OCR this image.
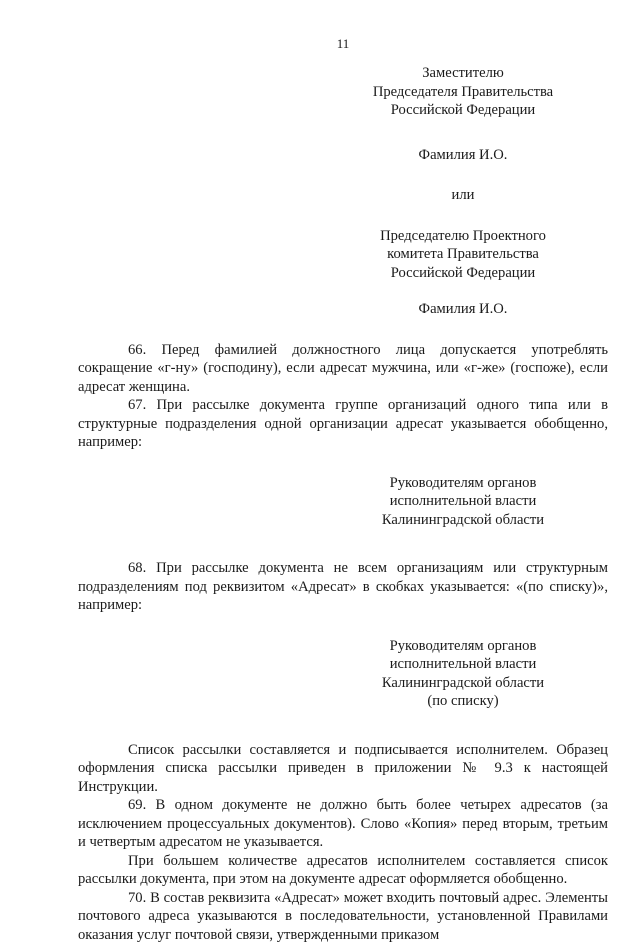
11
Заместителю
Председателя Правительства
Российской Федерации
Фамилия И.О.
или
Председателю Проектного
комитета Правительства
Российской Федерации
Фамилия И.О.
66. Перед фамилией должностного лица допускается употреблять сокращение «г-ну» (господину), если адресат мужчина, или «г-же» (госпоже), если адресат женщина.
67. При рассылке документа группе организаций одного типа или в структурные подразделения одной организации адресат указывается обобщенно, например:
Руководителям органов
исполнительной власти
Калининградской области
68. При рассылке документа не всем организациям или структурным подразделениям под реквизитом «Адресат» в скобках указывается: «(по списку)», например:
Руководителям органов
исполнительной власти
Калининградской области
(по списку)
Список рассылки составляется и подписывается исполнителем. Образец оформления списка рассылки приведен в приложении № 9.3 к настоящей Инструкции.
69. В одном документе не должно быть более четырех адресатов (за исключением процессуальных документов). Слово «Копия» перед вторым, третьим и четвертым адресатом не указывается.
При большем количестве адресатов исполнителем составляется список рассылки документа, при этом на документе адресат оформляется обобщенно.
70. В состав реквизита «Адресат» может входить почтовый адрес. Элементы почтового адреса указываются в последовательности, установленной Правилами оказания услуг почтовой связи, утвержденными приказом
